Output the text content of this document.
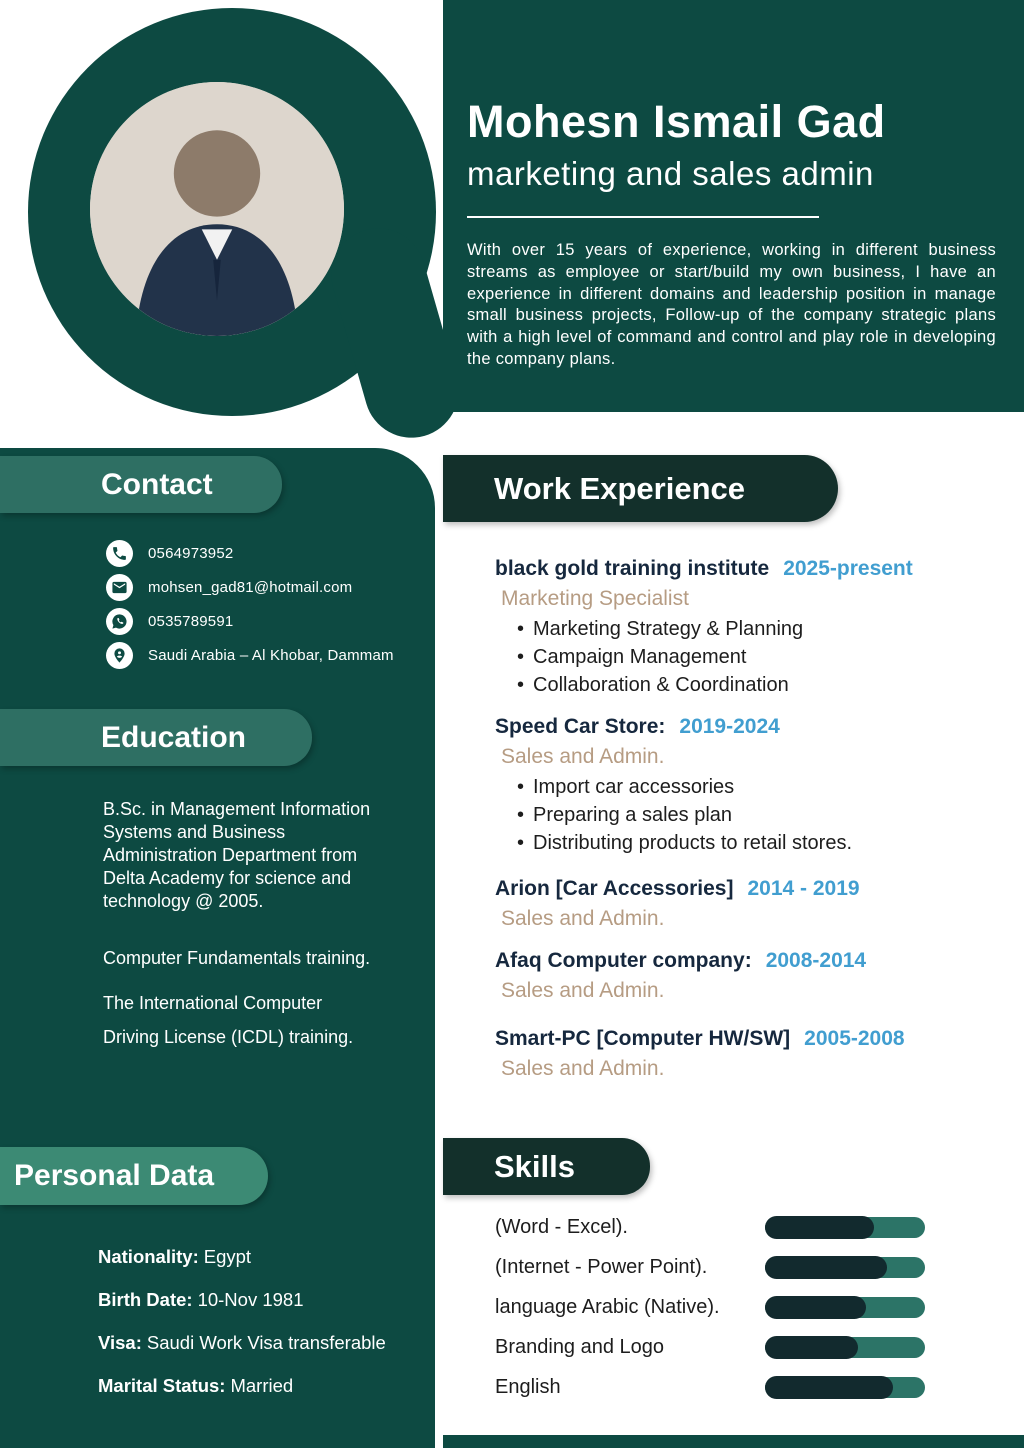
Mohesn Ismail Gad
marketing and sales admin
With over 15 years of experience, working in different business streams as employee or start/build my own business, I have an experience in different domains and leadership position in manage small business projects, Follow-up of the company strategic plans with a high level of command and control and play role in developing the company plans.
Contact
0564973952
mohsen_gad81@hotmail.com
0535789591
Saudi Arabia – Al Khobar, Dammam
Education

B.Sc. in Management Information Systems and Business Administration Department from Delta Academy for science and technology @ 2005.

Computer Fundamentals training.

The International Computer Driving License (ICDL) training.

Personal Data
Nationality: Egypt
Birth Date: 10-Nov 1981
Visa: Saudi Work Visa transferable
Marital Status: Married
Work Experience
black gold training institute 2025-present
Marketing Specialist
• Marketing Strategy & Planning
• Campaign Management
• Collaboration & Coordination
Speed Car Store: 2019-2024
Sales and Admin.
• Import car accessories
• Preparing a sales plan
• Distributing products to retail stores.
Arion [Car Accessories] 2014 - 2019
Sales and Admin.
Afaq Computer company: 2008-2014
Sales and Admin.
Smart-PC [Computer HW/SW] 2005-2008
Sales and Admin.
Skills
(Word - Excel).
(Internet - Power Point).
language Arabic (Native).
Branding and Logo
English
